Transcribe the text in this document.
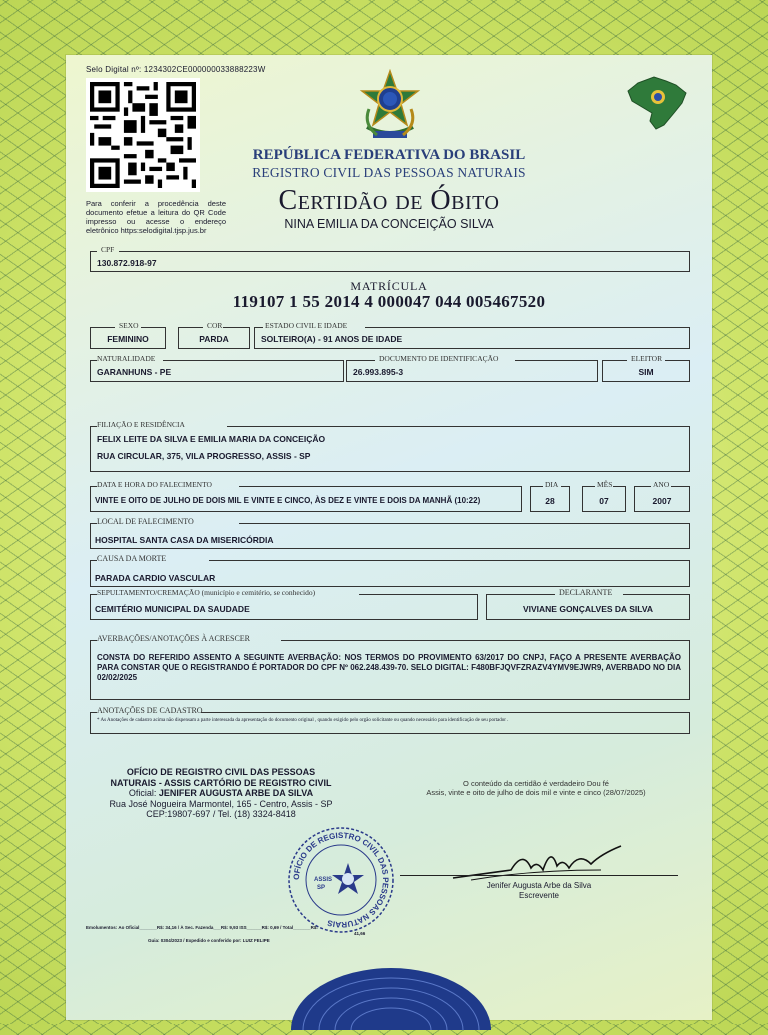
Selo Digital nº: 1234302CE000000033888223W
Para conferir a procedência deste documento efetue a leitura do QR Code impresso ou acesse o endereço eletrônico https:selodigital.tjsp.jus.br
REPÚBLICA FEDERATIVA DO BRASIL
REGISTRO CIVIL DAS PESSOAS NATURAIS
Certidão de Óbito
NINA EMILIA DA CONCEIÇÃO SILVA
CPF
130.872.918-97
MATRÍCULA
119107 1 55 2014 4 000047 044 005467520
SEXO
FEMININO
COR
PARDA
ESTADO CIVIL E IDADE
SOLTEIRO(A) - 91 ANOS DE IDADE
NATURALIDADE
GARANHUNS - PE
DOCUMENTO DE IDENTIFICAÇÃO
26.993.895-3
ELEITOR
SIM
FILIAÇÃO E RESIDÊNCIA
FELIX LEITE DA SILVA E EMILIA MARIA DA CONCEIÇÃO
RUA CIRCULAR, 375, VILA PROGRESSO, ASSIS - SP
DATA E HORA DO FALECIMENTO
VINTE E OITO DE JULHO DE DOIS MIL E VINTE E CINCO, ÀS DEZ E VINTE E DOIS DA MANHÃ (10:22)
DIA
28
MÊS
07
ANO
2007
LOCAL DE FALECIMENTO
HOSPITAL SANTA CASA DA MISERICÓRDIA
CAUSA DA MORTE
PARADA CARDIO VASCULAR
SEPULTAMENTO/CREMAÇÃO (município e cemitério, se conhecido)
CEMITÉRIO MUNICIPAL DA SAUDADE
DECLARANTE
VIVIANE GONÇALVES DA SILVA
AVERBAÇÕES/ANOTAÇÕES À ACRESCER
CONSTA DO REFERIDO ASSENTO A SEGUINTE AVERBAÇÃO: NOS TERMOS DO PROVIMENTO 63/2017 DO CNPJ, FAÇO A PRESENTE AVERBAÇÃO PARA CONSTAR QUE O REGISTRANDO É PORTADOR DO CPF Nº 062.248.439-70. SELO DIGITAL: F480BFJQVFZRAZV4YMV9EJWR9, AVERBADO NO DIA 02/02/2025
ANOTAÇÕES DE CADASTRO
* As Anotações de cadastro acima não dispensam a parte interessada da apresentação do documento original , quando exigido pelo orgão solicitante ou quando necessário para identificação de seu portador .
OFÍCIO DE REGISTRO CIVIL DAS PESSOAS
NATURAIS - ASSIS CARTÓRIO DE REGISTRO CIVIL
Oficial: JENIFER AUGUSTA ARBE DA SILVA
Rua José Nogueira Marmontel, 165 - Centro, Assis - SP
CEP:19807-697 / Tel. (18) 3324-8418
O conteúdo da certidão é verdadeiro Dou fé
Assis, vinte e oito de julho de dois mil e vinte e cinco (28/07/2025)
OFÍCIO DE REGISTRO CIVIL DAS PESSOAS NATURAIS
ASSIS
SP	Jenifer Augusta Arbe da Silva
Escrevente
Emolumentos: Ao Oficial_______R$: 34,16 / À Sec. Fazenda___R$: 9,93 ISS______R$: 0,69 / Total_______R$:
41,66
Guia: 0304/2023 / Expedido e conferido por: LUIZ FELIPE
